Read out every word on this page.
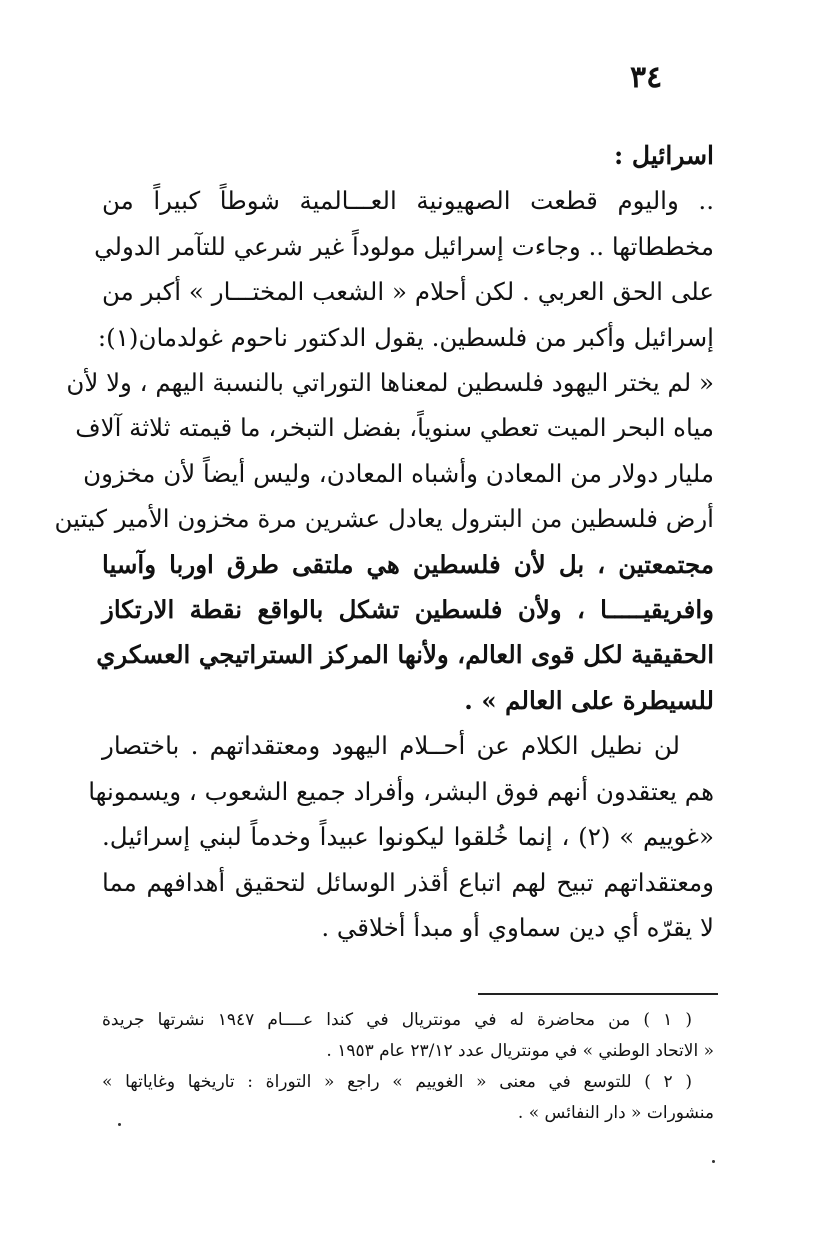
٣٤
اسرائيل :
.. واليوم قطعت الصهيونية العـــالمية شوطاً كبيراً من
مخططاتها .. وجاءت إسرائيل مولوداً غير شرعي للتآمر الدولي
على الحق العربي . لكن أحلام « الشعب المختـــار » أكبر من
إسرائيل وأكبر من فلسطين. يقول الدكتور ناحوم غولدمان(١):
« لم يختر اليهود فلسطين لمعناها التوراتي بالنسبة اليهم ، ولا لأن
مياه البحر الميت تعطي سنوياً، بفضل التبخر، ما قيمته ثلاثة آلاف
مليار دولار من المعادن وأشباه المعادن، وليس أيضاً لأن مخزون
أرض فلسطين من البترول يعادل عشرين مرة مخزون الأمير كيتين
مجتمعتين ، بل لأن فلسطين هي ملتقى طرق اوربا وآسيا
وافريقيـــــا ، ولأن فلسطين تشكل بالواقع نقطة الارتكاز
الحقيقية لكل قوى العالم، ولأنها المركز الستراتيجي العسكري
للسيطرة على العالم » .
لن نطيل الكلام عن أحــلام اليهود ومعتقداتهم . باختصار
هم يعتقدون أنهم فوق البشر، وأفراد جميع الشعوب ، ويسمونها
«غوييم » (٢) ، إنما خُلقوا ليكونوا عبيداً وخدماً لبني إسرائيل.
ومعتقداتهم تبيح لهم اتباع أقذر الوسائل لتحقيق أهدافهم مما
لا يقرّه أي دين سماوي أو مبدأ أخلاقي .
( ١ ) من محاضرة له في مونتريال في كندا عــــام ١٩٤٧ نشرتها جريدة
« الاتحاد الوطني » في مونتريال عدد ٢٣/١٢ عام ١٩٥٣ .
( ٢ ) للتوسع في معنى « الغوييم » راجع « التوراة : تاريخها وغاياتها »
منشورات « دار النفائس » .
